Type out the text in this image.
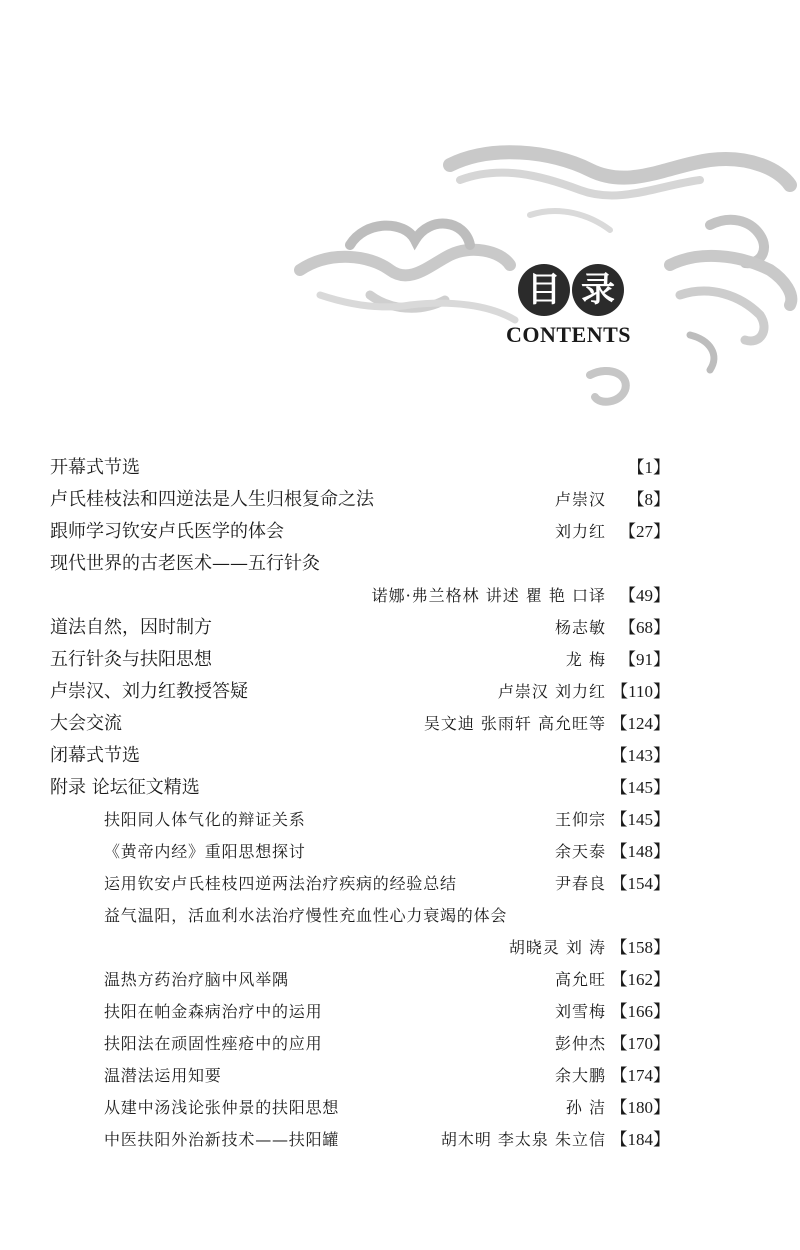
目 录
CONTENTS
开幕式节选	【 1 】
卢氏桂枝法和四逆法是人生归根复命之法	卢崇汉	【 8 】
跟师学习钦安卢氏医学的体会	刘力红	【 27 】
现代世界的古老医术——五行针灸
诺娜·弗兰格林 讲述 瞿 艳 口译	【 49 】
道法自然，因时制方	杨志敏	【 68 】
五行针灸与扶阳思想	龙 梅	【 91 】
卢崇汉、刘力红教授答疑	卢崇汉 刘力红	【 110 】
大会交流	吴文迪 张雨轩 高允旺等	【 124 】
闭幕式节选	【 143 】
附录 论坛征文精选	【 145 】
扶阳同人体气化的辩证关系	王仰宗	【 145 】
《黄帝内经》重阳思想探讨	余天泰	【 148 】
运用钦安卢氏桂枝四逆两法治疗疾病的经验总结	尹春良	【 154 】
益气温阳，活血利水法治疗慢性充血性心力衰竭的体会
胡晓灵 刘 涛	【 158 】
温热方药治疗脑中风举隅	高允旺	【 162 】
扶阳在帕金森病治疗中的运用	刘雪梅	【 166 】
扶阳法在顽固性痤疮中的应用	彭仲杰	【 170 】
温潜法运用知要	余大鹏	【 174 】
从建中汤浅论张仲景的扶阳思想	孙 洁	【 180 】
中医扶阳外治新技术——扶阳罐	胡木明 李太泉 朱立信	【 184 】
